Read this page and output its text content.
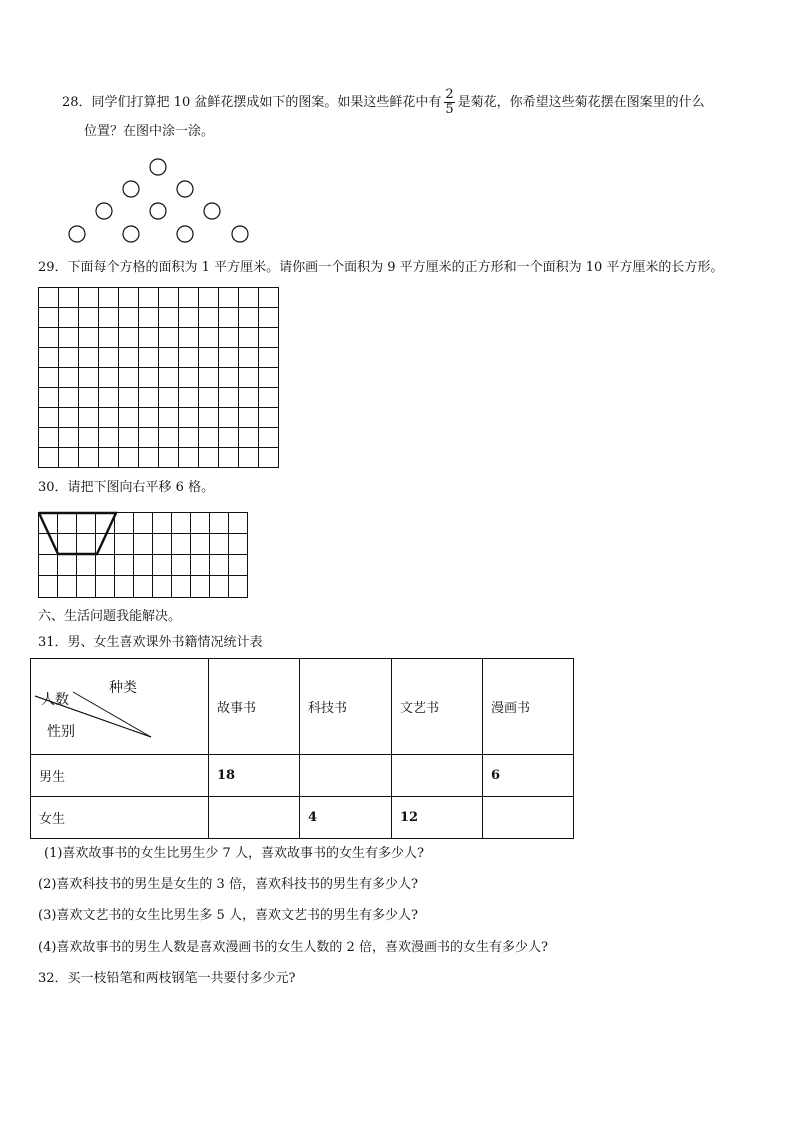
28．同学们打算把 10 盆鲜花摆成如下的图案。如果这些鲜花中有 $\frac{2}{5}$ 是菊花，你希望这些菊花摆在图案里的什么
位置？在图中涂一涂。
29．下面每个方格的面积为 1 平方厘米。请你画一个面积为 9 平方厘米的正方形和一个面积为 10 平方厘米的长方形。
30．请把下图向右平移 6 格。
六、生活问题我能解决。
31．男、女生喜欢课外书籍情况统计表
种类
人数
性别	故事书	科技书	文艺书	漫画书
男生	18			6
女生		4	12	
(1)喜欢故事书的女生比男生少 7 人，喜欢故事书的女生有多少人?
(2)喜欢科技书的男生是女生的 3 倍，喜欢科技书的男生有多少人?
(3)喜欢文艺书的女生比男生多 5 人，喜欢文艺书的男生有多少人?
(4)喜欢故事书的男生人数是喜欢漫画书的女生人数的 2 倍，喜欢漫画书的女生有多少人?
32．买一枝铅笔和两枝钢笔一共要付多少元?
